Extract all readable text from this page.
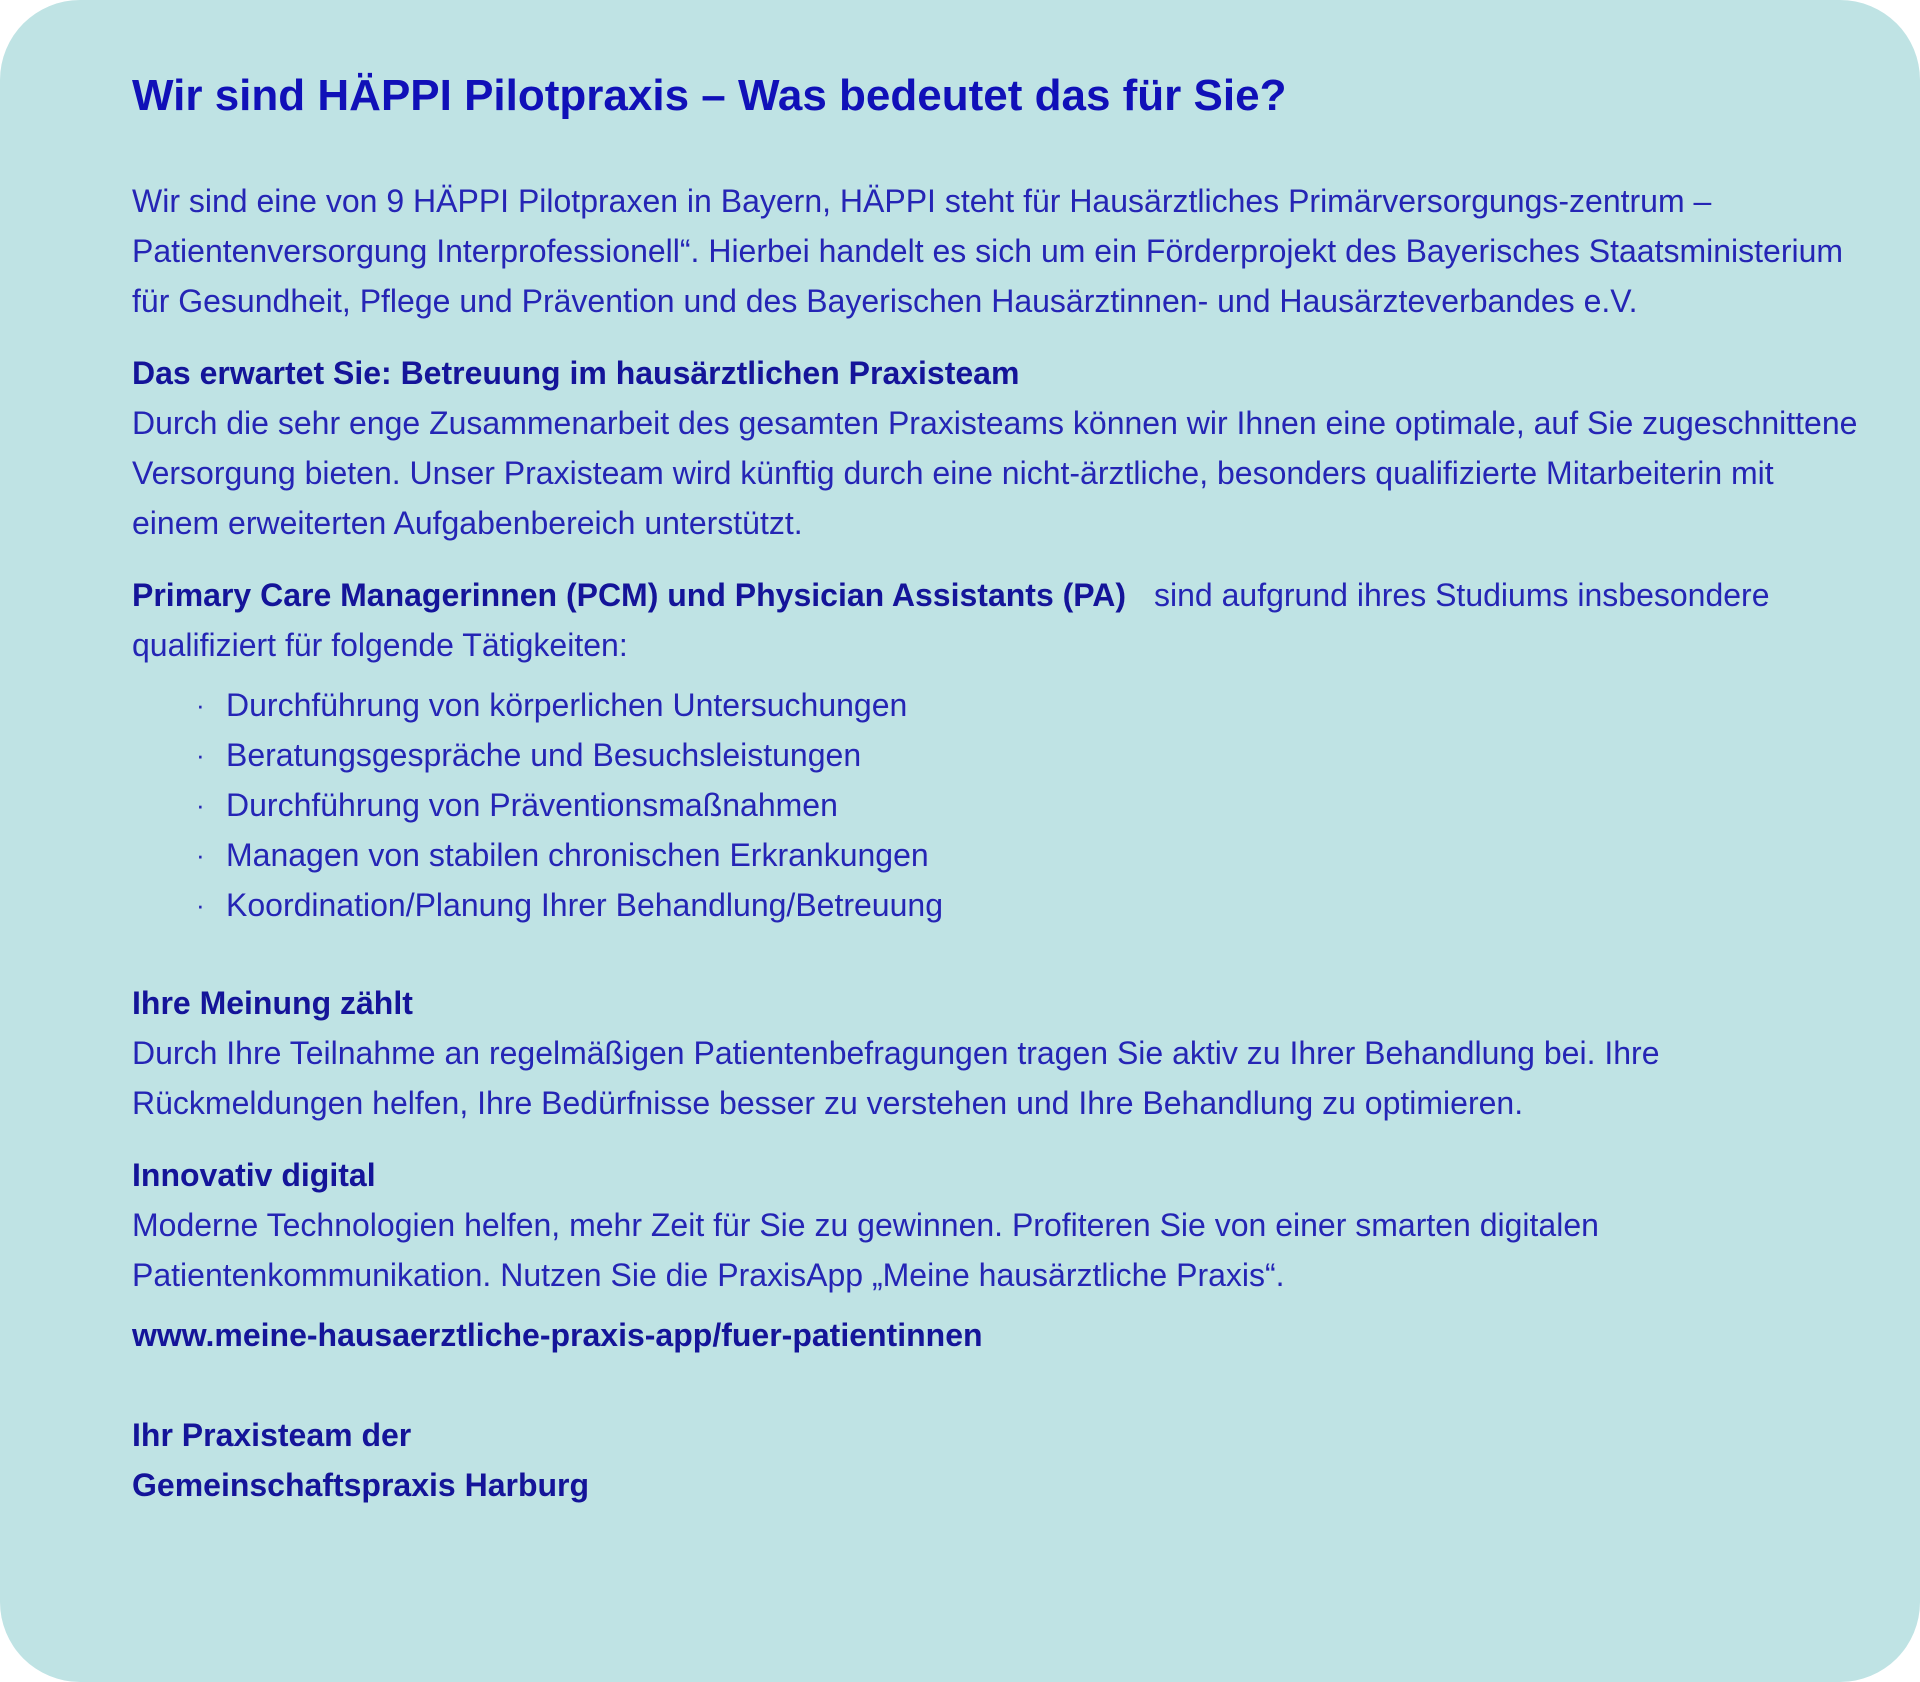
Wir sind HÄPPI Pilotpraxis – Was bedeutet das für Sie?

Wir sind eine von 9 HÄPPI Pilotpraxen in Bayern, HÄPPI steht für Hausärztliches Primärversorgungs-zentrum – Patientenversorgung Interprofessionell“. Hierbei handelt es sich um ein Förderprojekt des Bayerisches Staatsministerium für Gesundheit, Pflege und Prävention und des Bayerischen Hausärztinnen- und Hausärzteverbandes e.V.

Das erwartet Sie: Betreuung im hausärztlichen Praxisteam

Durch die sehr enge Zusammenarbeit des gesamten Praxisteams können wir Ihnen eine optimale, auf Sie zugeschnittene Versorgung bieten. Unser Praxisteam wird künftig durch eine nicht-ärztliche, besonders qualifizierte Mitarbeiterin mit einem erweiterten Aufgabenbereich unterstützt.

Primary Care Managerinnen (PCM) und Physician Assistants (PA) sind aufgrund ihres Studiums insbesondere qualifiziert für folgende Tätigkeiten:

· Durchführung von körperlichen Untersuchungen
· Beratungsgespräche und Besuchsleistungen
· Durchführung von Präventionsmaßnahmen
· Managen von stabilen chronischen Erkrankungen
· Koordination/Planung Ihrer Behandlung/Betreuung
Ihre Meinung zählt

Durch Ihre Teilnahme an regelmäßigen Patientenbefragungen tragen Sie aktiv zu Ihrer Behandlung bei. Ihre Rückmeldungen helfen, Ihre Bedürfnisse besser zu verstehen und Ihre Behandlung zu optimieren.

Innovativ digital

Moderne Technologien helfen, mehr Zeit für Sie zu gewinnen. Profiteren Sie von einer smarten digitalen Patientenkommunikation. Nutzen Sie die PraxisApp „Meine hausärztliche Praxis“.

www.meine-hausaerztliche-praxis-app/fuer-patientinnen
Ihr Praxisteam der
Gemeinschaftspraxis Harburg
